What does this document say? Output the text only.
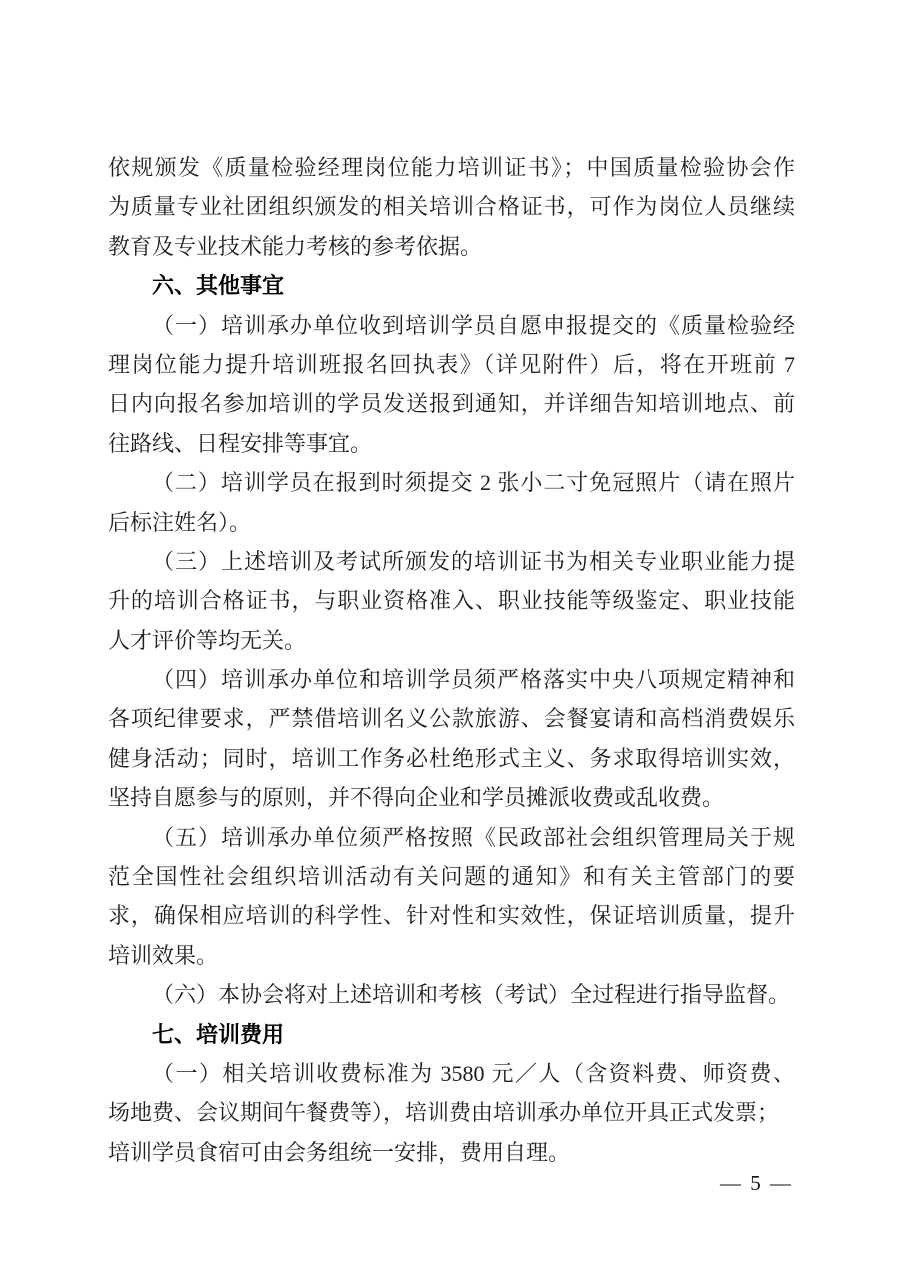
依规颁发《质量检验经理岗位能力培训证书》；中国质量检验协会作
为质量专业社团组织颁发的相关培训合格证书，可作为岗位人员继续
教育及专业技术能力考核的参考依据。
六、其他事宜
（一）培训承办单位收到培训学员自愿申报提交的《质量检验经
理岗位能力提升培训班报名回执表》（详见附件）后，将在开班前 7
日内向报名参加培训的学员发送报到通知，并详细告知培训地点、前
往路线、日程安排等事宜。
（二）培训学员在报到时须提交 2 张小二寸免冠照片（请在照片
后标注姓名）。
（三）上述培训及考试所颁发的培训证书为相关专业职业能力提
升的培训合格证书，与职业资格准入、职业技能等级鉴定、职业技能
人才评价等均无关。
（四）培训承办单位和培训学员须严格落实中央八项规定精神和
各项纪律要求，严禁借培训名义公款旅游、会餐宴请和高档消费娱乐
健身活动；同时，培训工作务必杜绝形式主义、务求取得培训实效，
坚持自愿参与的原则，并不得向企业和学员摊派收费或乱收费。
（五）培训承办单位须严格按照《民政部社会组织管理局关于规
范全国性社会组织培训活动有关问题的通知》和有关主管部门的要
求，确保相应培训的科学性、针对性和实效性，保证培训质量，提升
培训效果。
（六）本协会将对上述培训和考核（考试）全过程进行指导监督。
七、培训费用
（一）相关培训收费标准为 3580 元／人（含资料费、师资费、
场地费、会议期间午餐费等），培训费由培训承办单位开具正式发票；
培训学员食宿可由会务组统一安排，费用自理。
— 5 —
